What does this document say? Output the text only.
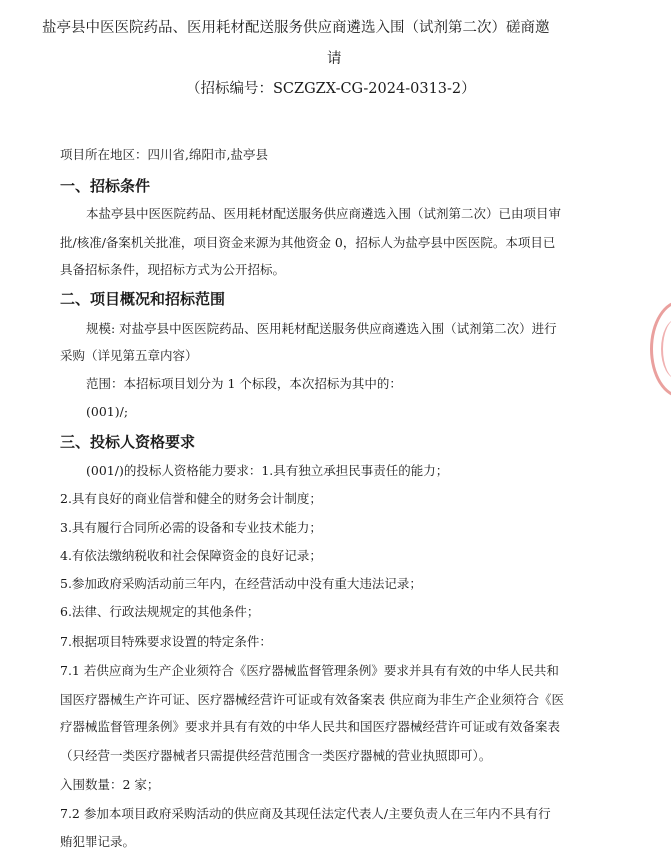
盐亭县中医医院药品、医用耗材配送服务供应商遴选入围（试剂第二次）磋商邀
请
（招标编号：SCZGZX-CG-2024-0313-2）
项目所在地区：四川省,绵阳市,盐亭县
一、招标条件
本盐亭县中医医院药品、医用耗材配送服务供应商遴选入围（试剂第二次）已由项目审
批/核准/备案机关批准，项目资金来源为其他资金 0，招标人为盐亭县中医医院。本项目已
具备招标条件，现招标方式为公开招标。
二、项目概况和招标范围
规模: 对盐亭县中医医院药品、医用耗材配送服务供应商遴选入围（试剂第二次）进行
采购（详见第五章内容）
范围：本招标项目划分为 1 个标段，本次招标为其中的：
(001)/;
三、投标人资格要求
(001/)的投标人资格能力要求：1.具有独立承担民事责任的能力；
2.具有良好的商业信誉和健全的财务会计制度；
3.具有履行合同所必需的设备和专业技术能力；
4.有依法缴纳税收和社会保障资金的良好记录；
5.参加政府采购活动前三年内，在经营活动中没有重大违法记录；
6.法律、行政法规规定的其他条件；
7.根据项目特殊要求设置的特定条件：
7.1 若供应商为生产企业须符合《医疗器械监督管理条例》要求并具有有效的中华人民共和
国医疗器械生产许可证、医疗器械经营许可证或有效备案表 供应商为非生产企业须符合《医
疗器械监督管理条例》要求并具有有效的中华人民共和国医疗器械经营许可证或有效备案表
（只经营一类医疗器械者只需提供经营范围含一类医疗器械的营业执照即可）。
入围数量：2 家；
7.2 参加本项目政府采购活动的供应商及其现任法定代表人/主要负责人在三年内不具有行
贿犯罪记录。
